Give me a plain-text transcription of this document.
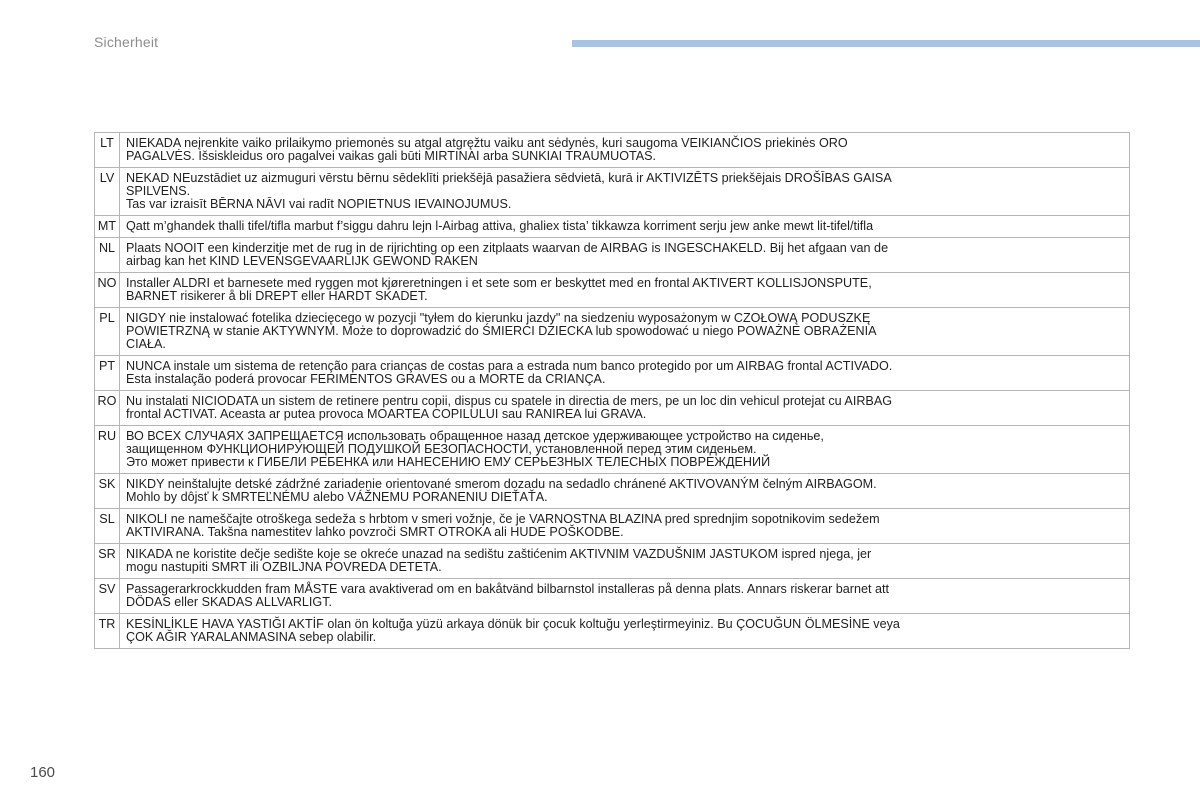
Sicherheit
LT	NIEKADA neįrenkite vaiko prilaikymo priemonės su atgal atgręžtu vaiku ant sėdynės, kuri saugoma VEIKIANČIOS priekinės ORO
PAGALVĖS. Išsiskleidus oro pagalvei vaikas gali būti MIRTINAI arba SUNKIAI TRAUMUOTAS.
LV	NEKAD NEuzstādiet uz aizmuguri vērstu bērnu sēdeklīti priekšējā pasažiera sēdvietā, kurā ir AKTIVIZĒTS priekšējais DROŠĪBAS GAISA
SPILVENS.
Tas var izraisīt BĒRNA NĀVI vai radīt NOPIETNUS IEVAINOJUMUS.
MT	Qatt m’ghandek thalli tifel/tifla marbut f’siggu dahru lejn l-Airbag attiva, ghaliex tista’ tikkawza korriment serju jew anke mewt lit-tifel/tifla
NL	Plaats NOOIT een kinderzitje met de rug in de rijrichting op een zitplaats waarvan de AIRBAG is INGESCHAKELD. Bij het afgaan van de
airbag kan het KIND LEVENSGEVAARLIJK GEWOND RAKEN
NO	Installer ALDRI et barnesete med ryggen mot kjøreretningen i et sete som er beskyttet med en frontal AKTIVERT KOLLISJONSPUTE,
BARNET risikerer å bli DREPT eller HARDT SKADET.
PL	NIGDY nie instalować fotelika dziecięcego w pozycji "tyłem do kierunku jazdy" na siedzeniu wyposażonym w CZOŁOWĄ PODUSZKĘ
POWIETRZNĄ w stanie AKTYWNYM. Może to doprowadzić do ŚMIERCI DZIECKA lub spowodować u niego POWAŻNE OBRAŻENIA
CIAŁA.
PT	NUNCA instale um sistema de retenção para crianças de costas para a estrada num banco protegido por um AIRBAG frontal ACTIVADO.
Esta instalação poderá provocar FERIMENTOS GRAVES ou a MORTE da CRIANÇA.
RO	Nu instalati NICIODATA un sistem de retinere pentru copii, dispus cu spatele in directia de mers, pe un loc din vehicul protejat cu AIRBAG
frontal ACTIVAT. Aceasta ar putea provoca MOARTEA COPILULUI sau RANIREA lui GRAVA.
RU	ВО ВСЕХ СЛУЧАЯХ ЗАПРЕЩАЕТСЯ использовать обращенное назад детское удерживающее устройство на сиденье,
защищенном ФУНКЦИОНИРУЮЩЕЙ ПОДУШКОЙ БЕЗОПАСНОСТИ, установленной перед этим сиденьем.
Это может привести к ГИБЕЛИ РЕБЕНКА или НАНЕСЕНИЮ ЕМУ СЕРЬЕЗНЫХ ТЕЛЕСНЫХ ПОВРЕЖДЕНИЙ
SK	NIKDY neinštalujte detské zádržné zariadenie orientované smerom dozadu na sedadlo chránené AKTIVOVANÝM čelným AIRBAGOM.
Mohlo by dôjsť k SMRTEĽNÉMU alebo VÁŽNEMU PORANENIU DIEŤAŤA.
SL	NIKOLI ne nameščajte otroškega sedeža s hrbtom v smeri vožnje, če je VARNOSTNA BLAZINA pred sprednjim sopotnikovim sedežem
AKTIVIRANA. Takšna namestitev lahko povzroči SMRT OTROKA ali HUDE POŠKODBE.
SR	NIKADA ne koristite dečje sedište koje se okreće unazad na sedištu zaštićenim AKTIVNIM VAZDUŠNIM JASTUKOM ispred njega, jer
mogu nastupiti SMRT ili OZBILJNA POVREDA DETETA.
SV	Passagerarkrockkudden fram MÅSTE vara avaktiverad om en bakåtvänd bilbarnstol installeras på denna plats. Annars riskerar barnet att
DÖDAS eller SKADAS ALLVARLIGT.
TR	KESİNLİKLE HAVA YASTIĞI AKTİF olan ön koltuğa yüzü arkaya dönük bir çocuk koltuğu yerleştirmeyiniz. Bu ÇOCUĞUN ÖLMESİNE veya
ÇOK AĞIR YARALANMASINA sebep olabilir.
160
